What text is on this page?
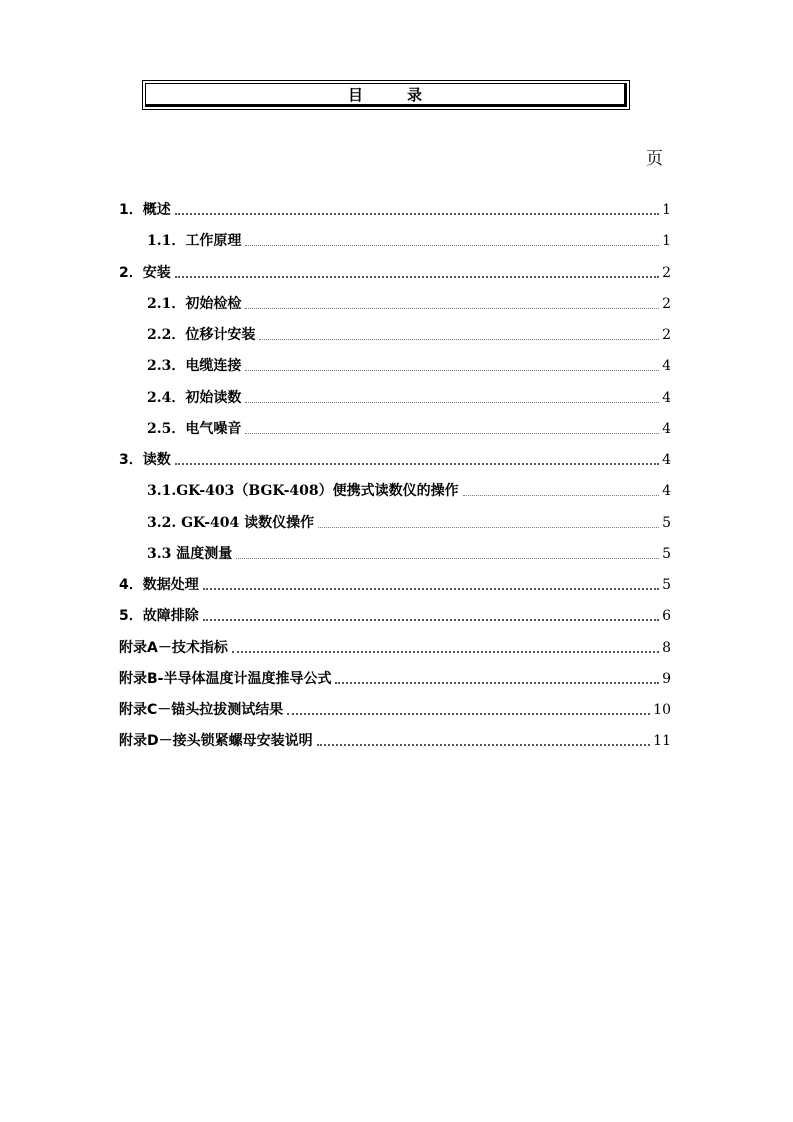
目	录
页
1．概述	1
1.1．工作原理	1
2．安装	2
2.1．初始检检	2
2.2．位移计安装	2
2.3．电缆连接	4
2.4．初始读数	4
2.5．电气噪音	4
3．读数	4
3.1.GK-403（BGK-408）便携式读数仪的操作	4
3.2. GK-404 读数仪操作	5
3.3 温度测量	5
4．数据处理	5
5．故障排除	6
附录A－技术指标	8
附录B-半导体温度计温度推导公式	9
附录C－锚头拉拔测试结果	10
附录D－接头锁紧螺母安装说明	11
